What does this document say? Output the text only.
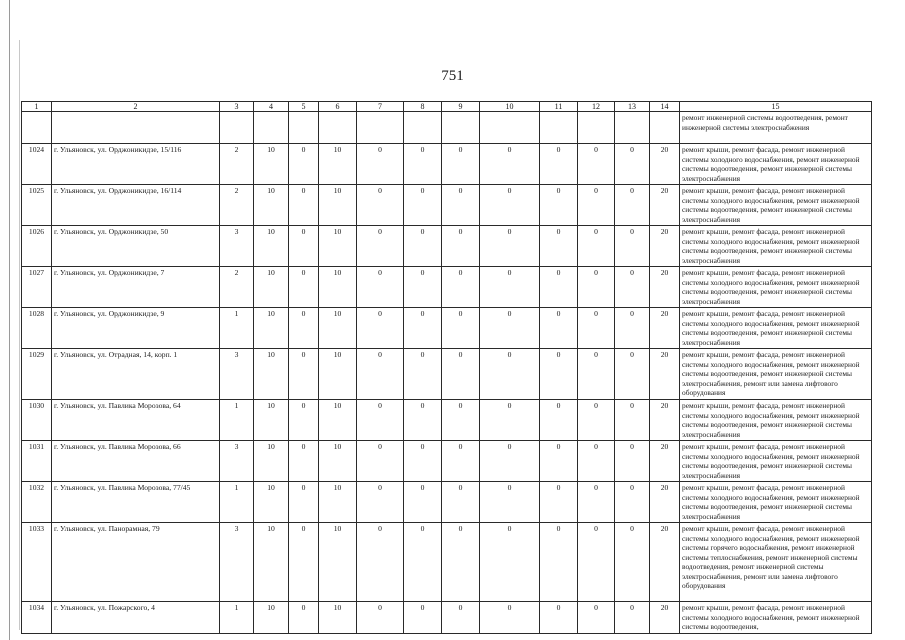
751
1	2	3	4	5	6	7	8	9	10	11	12	13	14	15
														ремонт инженерной системы водоотведения, ремонт инженерной системы электроснабжения
1024	г. Ульяновск, ул. Орджоникидзе, 15/116	2	10	0	10	0	0	0	0	0	0	0	20	ремонт крыши, ремонт фасада, ремонт инженерной системы холодного водоснабжения, ремонт инженерной системы водоотведения, ремонт инженерной системы электроснабжения
1025	г. Ульяновск, ул. Орджоникидзе, 16/114	2	10	0	10	0	0	0	0	0	0	0	20	ремонт крыши, ремонт фасада, ремонт инженерной системы холодного водоснабжения, ремонт инженерной системы водоотведения, ремонт инженерной системы электроснабжения
1026	г. Ульяновск, ул. Орджоникидзе, 50	3	10	0	10	0	0	0	0	0	0	0	20	ремонт крыши, ремонт фасада, ремонт инженерной системы холодного водоснабжения, ремонт инженерной системы водоотведения, ремонт инженерной системы электроснабжения
1027	г. Ульяновск, ул. Орджоникидзе, 7	2	10	0	10	0	0	0	0	0	0	0	20	ремонт крыши, ремонт фасада, ремонт инженерной системы холодного водоснабжения, ремонт инженерной системы водоотведения, ремонт инженерной системы электроснабжения
1028	г. Ульяновск, ул. Орджоникидзе, 9	1	10	0	10	0	0	0	0	0	0	0	20	ремонт крыши, ремонт фасада, ремонт инженерной системы холодного водоснабжения, ремонт инженерной системы водоотведения, ремонт инженерной системы электроснабжения
1029	г. Ульяновск, ул. Отрадная, 14, корп. 1	3	10	0	10	0	0	0	0	0	0	0	20	ремонт крыши, ремонт фасада, ремонт инженерной системы холодного водоснабжения, ремонт инженерной системы водоотведения, ремонт инженерной системы электроснабжения, ремонт или замена лифтового оборудования
1030	г. Ульяновск, ул. Павлика Морозова, 64	1	10	0	10	0	0	0	0	0	0	0	20	ремонт крыши, ремонт фасада, ремонт инженерной системы холодного водоснабжения, ремонт инженерной системы водоотведения, ремонт инженерной системы электроснабжения
1031	г. Ульяновск, ул. Павлика Морозова, 66	3	10	0	10	0	0	0	0	0	0	0	20	ремонт крыши, ремонт фасада, ремонт инженерной системы холодного водоснабжения, ремонт инженерной системы водоотведения, ремонт инженерной системы электроснабжения
1032	г. Ульяновск, ул. Павлика Морозова, 77/45	1	10	0	10	0	0	0	0	0	0	0	20	ремонт крыши, ремонт фасада, ремонт инженерной системы холодного водоснабжения, ремонт инженерной системы водоотведения, ремонт инженерной системы электроснабжения
1033	г. Ульяновск, ул. Панорамная, 79	3	10	0	10	0	0	0	0	0	0	0	20	ремонт крыши, ремонт фасада, ремонт инженерной системы холодного водоснабжения, ремонт инженерной системы горячего водоснабжения, ремонт инженерной системы теплоснабжения, ремонт инженерной системы водоотведения, ремонт инженерной системы электроснабжения, ремонт или замена лифтового оборудования
1034	г. Ульяновск, ул. Пожарского, 4	1	10	0	10	0	0	0	0	0	0	0	20	ремонт крыши, ремонт фасада, ремонт инженерной системы холодного водоснабжения, ремонт инженерной системы водоотведения,
